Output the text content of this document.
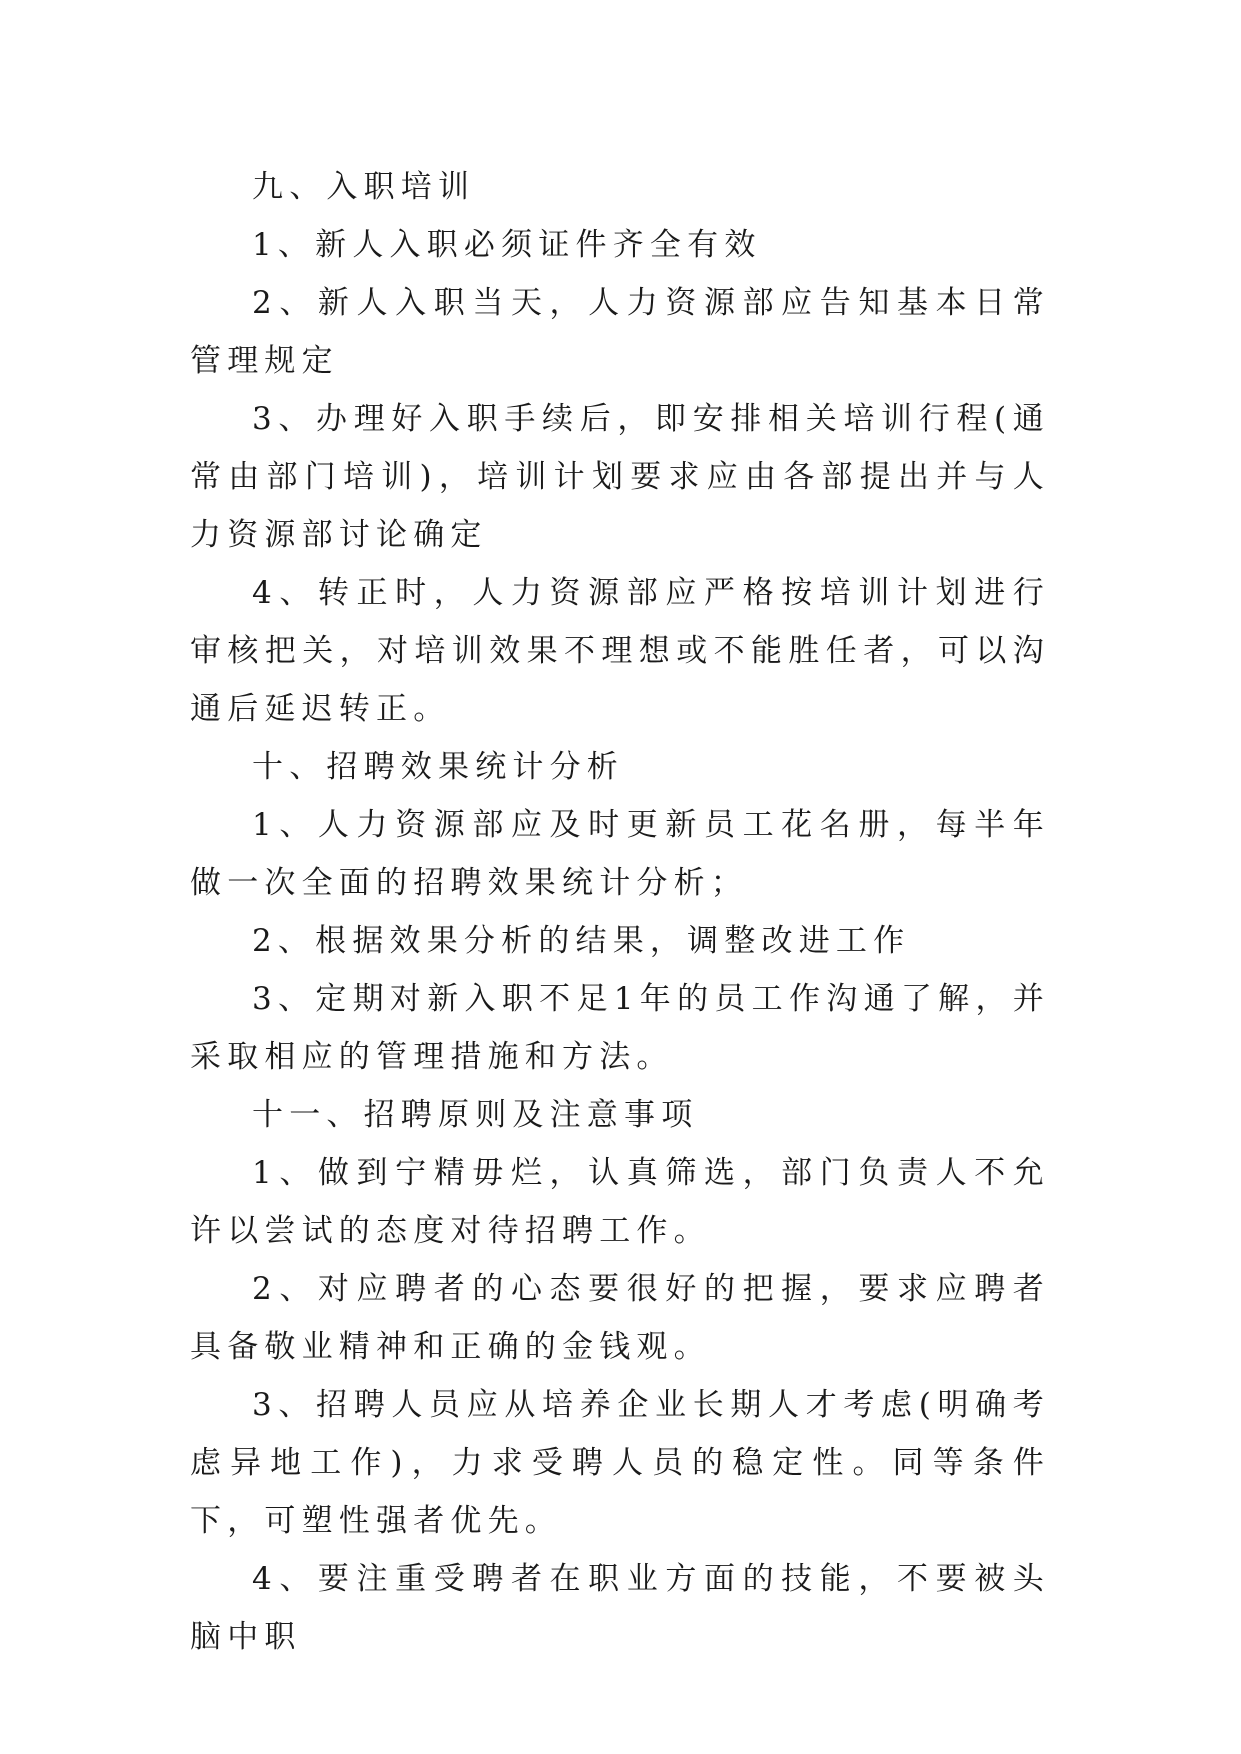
九、入职培训

1、新人入职必须证件齐全有效

2、新人入职当天，人力资源部应告知基本日常管理规定

3、办理好入职手续后，即安排相关培训行程(通常由部门培训)，培训计划要求应由各部提出并与人力资源部讨论确定

4、转正时，人力资源部应严格按培训计划进行审核把关，对培训效果不理想或不能胜任者，可以沟通后延迟转正。

十、招聘效果统计分析

1、人力资源部应及时更新员工花名册，每半年做一次全面的招聘效果统计分析；

2、根据效果分析的结果，调整改进工作

3、定期对新入职不足1年的员工作沟通了解，并采取相应的管理措施和方法。

十一、招聘原则及注意事项

1、做到宁精毋烂，认真筛选，部门负责人不允许以尝试的态度对待招聘工作。

2、对应聘者的心态要很好的把握，要求应聘者具备敬业精神和正确的金钱观。

3、招聘人员应从培养企业长期人才考虑(明确考虑异地工作)，力求受聘人员的稳定性。同等条件下，可塑性强者优先。

4、要注重受聘者在职业方面的技能，不要被头脑中职
